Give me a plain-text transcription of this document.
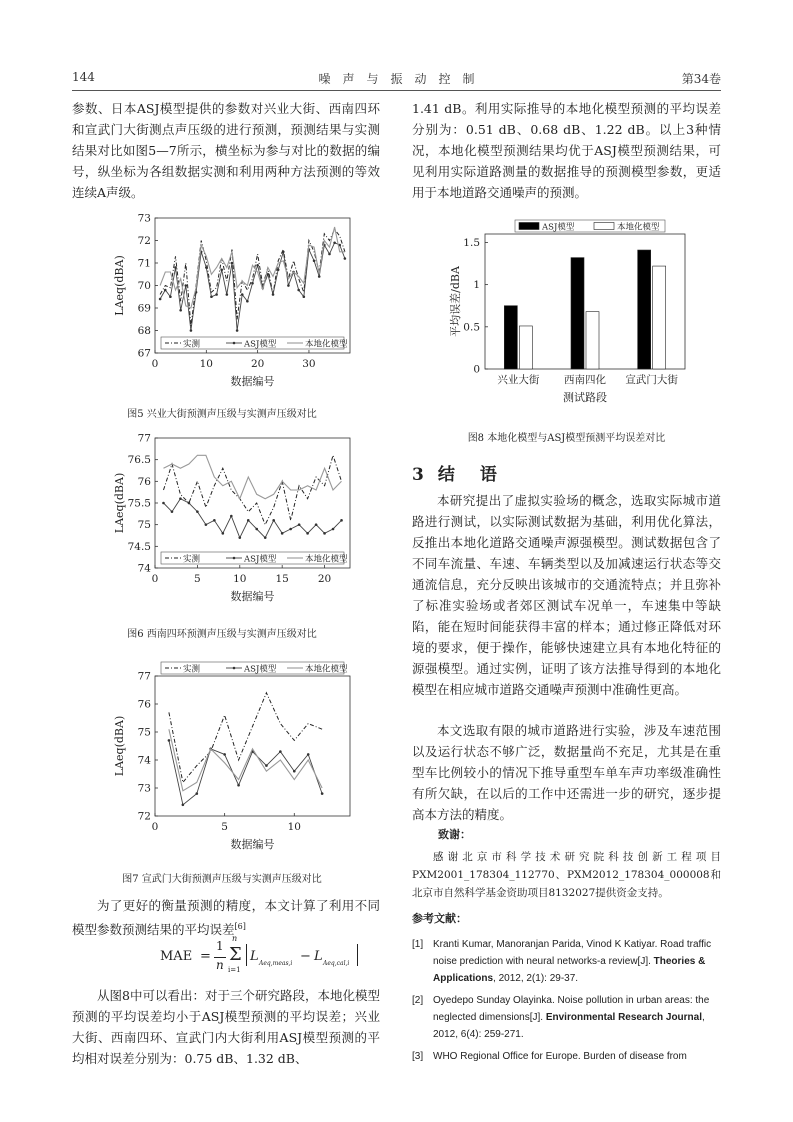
144	噪　声　与　振　动　控　制	第34卷
参数、日本ASJ模型提供的参数对兴业大街、西南四环和宣武门大街测点声压级的进行预测，预测结果与实测结果对比如图5—7所示，横坐标为参与对比的数据的编号，纵坐标为各组数据实测和利用两种方法预测的等效连续A声级。
67
68
69
70
71
72
73
0	10	20	30
数据编号
LAeq(dBA)
实测	ASJ模型	本地化模型
图5 兴业大街预测声压级与实测声压级对比
74
74.5
75
75.5
76
76.5
77
0	5	10	15	20
数据编号
LAeq(dBA)
实测	ASJ模型	本地化模型
图6 西南四环预测声压级与实测声压级对比
72
73
74
75
76
77
0	5	10
数据编号
LAeq(dBA)
实测	ASJ模型	本地化模型
图7 宣武门大街预测声压级与实测声压级对比
为了更好的衡量预测的精度，本文计算了利用不同模型参数预测结果的平均误差[6]
MAE =
1
n
n
Σ
i=1
L Aeq,meas,i − L Aeq,cal,i
从图8中可以看出：对于三个研究路段，本地化模型预测的平均误差均小于ASJ模型预测的平均误差；兴业大街、西南四环、宣武门内大街利用ASJ模型预测的平均相对误差分别为：0.75 dB、1.32 dB、
1.41 dB。利用实际推导的本地化模型预测的平均误差分别为：0.51 dB、0.68 dB、1.22 dB。以上3种情况，本地化模型预测结果均优于ASJ模型预测结果，可见利用实际道路测量的数据推导的预测模型参数，更适用于本地道路交通噪声的预测。
0
0.5
1
1.5
兴业大街 西南四化 宣武门大街
测试路段
平均误差/dBA
ASJ模型	本地化模型
图8 本地化模型与ASJ模型预测平均误差对比
3 结　语
本研究提出了虚拟实验场的概念，选取实际城市道路进行测试，以实际测试数据为基础，利用优化算法，反推出本地化道路交通噪声源强模型。测试数据包含了不同车流量、车速、车辆类型以及加减速运行状态等交通流信息，充分反映出该城市的交通流特点；并且弥补了标准实验场或者郊区测试车况单一，车速集中等缺陷，能在短时间能获得丰富的样本；通过修正降低对环境的要求，便于操作，能够快速建立具有本地化特征的源强模型。通过实例，证明了该方法推导得到的本地化模型在相应城市道路交通噪声预测中准确性更高。
本文选取有限的城市道路进行实验，涉及车速范围以及运行状态不够广泛，数据量尚不充足，尤其是在重型车比例较小的情况下推导重型车单车声功率级准确性有所欠缺，在以后的工作中还需进一步的研究，逐步提高本方法的精度。
致谢：
感谢北京市科学技术研究院科技创新工程项目PXM2001_178304_112770、PXM2012_178304_000008和北京市自然科学基金资助项目8132027提供资金支持。
参考文献：
[1] Kranti Kumar, Manoranjan Parida, Vinod K Katiyar. Road traffic noise prediction with neural networks-a review[J]. Theories & Applications, 2012, 2(1): 29-37.
[2] Oyedepo Sunday Olayinka. Noise pollution in urban areas: the neglected dimensions[J]. Environmental Research Journal, 2012, 6(4): 259-271.
[3] WHO Regional Office for Europe. Burden of disease from
